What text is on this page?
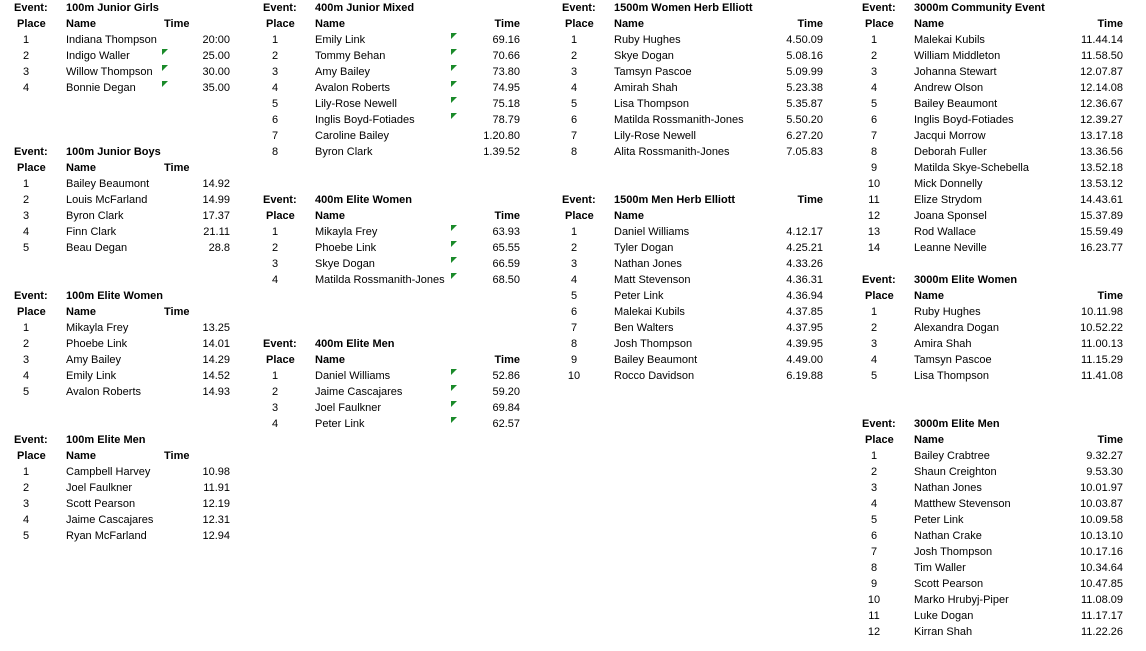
Event: 100m Junior Girls
Place Name	Time
1	Indiana Thompson	20:00
2	Indigo Waller	25.00
3	Willow Thompson	30.00
4	Bonnie Degan	35.00
Event: 100m Junior Boys
Place Name	Time
1	Bailey Beaumont	14.92
2	Louis McFarland	14.99
3	Byron Clark	17.37
4	Finn Clark	21.11
5	Beau Degan	28.8
Event: 100m Elite Women
Place Name	Time
1	Mikayla Frey	13.25
2	Phoebe Link	14.01
3	Amy Bailey	14.29
4	Emily Link	14.52
5	Avalon Roberts	14.93
Event: 100m Elite Men
Place Name	Time
1	Campbell Harvey	10.98
2	Joel Faulkner	11.91
3	Scott Pearson	12.19
4	Jaime Cascajares	12.31
5	Ryan McFarland	12.94
Event: 400m Junior Mixed
Place Name	Time
1	Emily Link	69.16
2	Tommy Behan	70.66
3	Amy Bailey	73.80
4	Avalon Roberts	74.95
5	Lily-Rose Newell	75.18
6	Inglis Boyd-Fotiades	78.79
7	Caroline Bailey	1.20.80
8	Byron Clark	1.39.52
Event: 400m Elite Women
Place Name	Time
1	Mikayla Frey	63.93
2	Phoebe Link	65.55
3	Skye Dogan	66.59
4	Matilda Rossmanith-Jones	68.50
Event: 400m Elite Men
Place Name	Time
1	Daniel Williams	52.86
2	Jaime Cascajares	59.20
3	Joel Faulkner	69.84
4	Peter Link	62.57
Event: 1500m Women Herb Elliott
Place Name	Time
1	Ruby Hughes	4.50.09
2	Skye Dogan	5.08.16
3	Tamsyn Pascoe	5.09.99
4	Amirah Shah	5.23.38
5	Lisa Thompson	5.35.87
6	Matilda Rossmanith-Jones	5.50.20
7	Lily-Rose Newell	6.27.20
8	Alita Rossmanith-Jones	7.05.83
Event: 1500m Men Herb Elliott	Time
Place Name
1	Daniel Williams	4.12.17
2	Tyler Dogan	4.25.21
3	Nathan Jones	4.33.26
4	Matt Stevenson	4.36.31
5	Peter Link	4.36.94
6	Malekai Kubils	4.37.85
7	Ben Walters	4.37.95
8	Josh Thompson	4.39.95
9	Bailey Beaumont	4.49.00
10	Rocco Davidson	6.19.88
Event: 3000m Community Event
Place Name	Time
1	Malekai Kubils	11.44.14
2	William Middleton	11.58.50
3	Johanna Stewart	12.07.87
4	Andrew Olson	12.14.08
5	Bailey Beaumont	12.36.67
6	Inglis Boyd-Fotiades	12.39.27
7	Jacqui Morrow	13.17.18
8	Deborah Fuller	13.36.56
9	Matilda Skye-Schebella	13.52.18
10	Mick Donnelly	13.53.12
11	Elize Strydom	14.43.61
12	Joana Sponsel	15.37.89
13	Rod Wallace	15.59.49
14	Leanne Neville	16.23.77
Event: 3000m Elite Women
Place Name	Time
1	Ruby Hughes	10.11.98
2	Alexandra Dogan	10.52.22
3	Amira Shah	11.00.13
4	Tamsyn Pascoe	11.15.29
5	Lisa Thompson	11.41.08
Event: 3000m Elite Men
Place Name	Time
1	Bailey Crabtree	9.32.27
2	Shaun Creighton	9.53.30
3	Nathan Jones	10.01.97
4	Matthew Stevenson	10.03.87
5	Peter Link	10.09.58
6	Nathan Crake	10.13.10
7	Josh Thompson	10.17.16
8	Tim Waller	10.34.64
9	Scott Pearson	10.47.85
10	Marko Hrubyj-Piper	11.08.09
11	Luke Dogan	11.17.17
12	Kirran Shah	11.22.26
